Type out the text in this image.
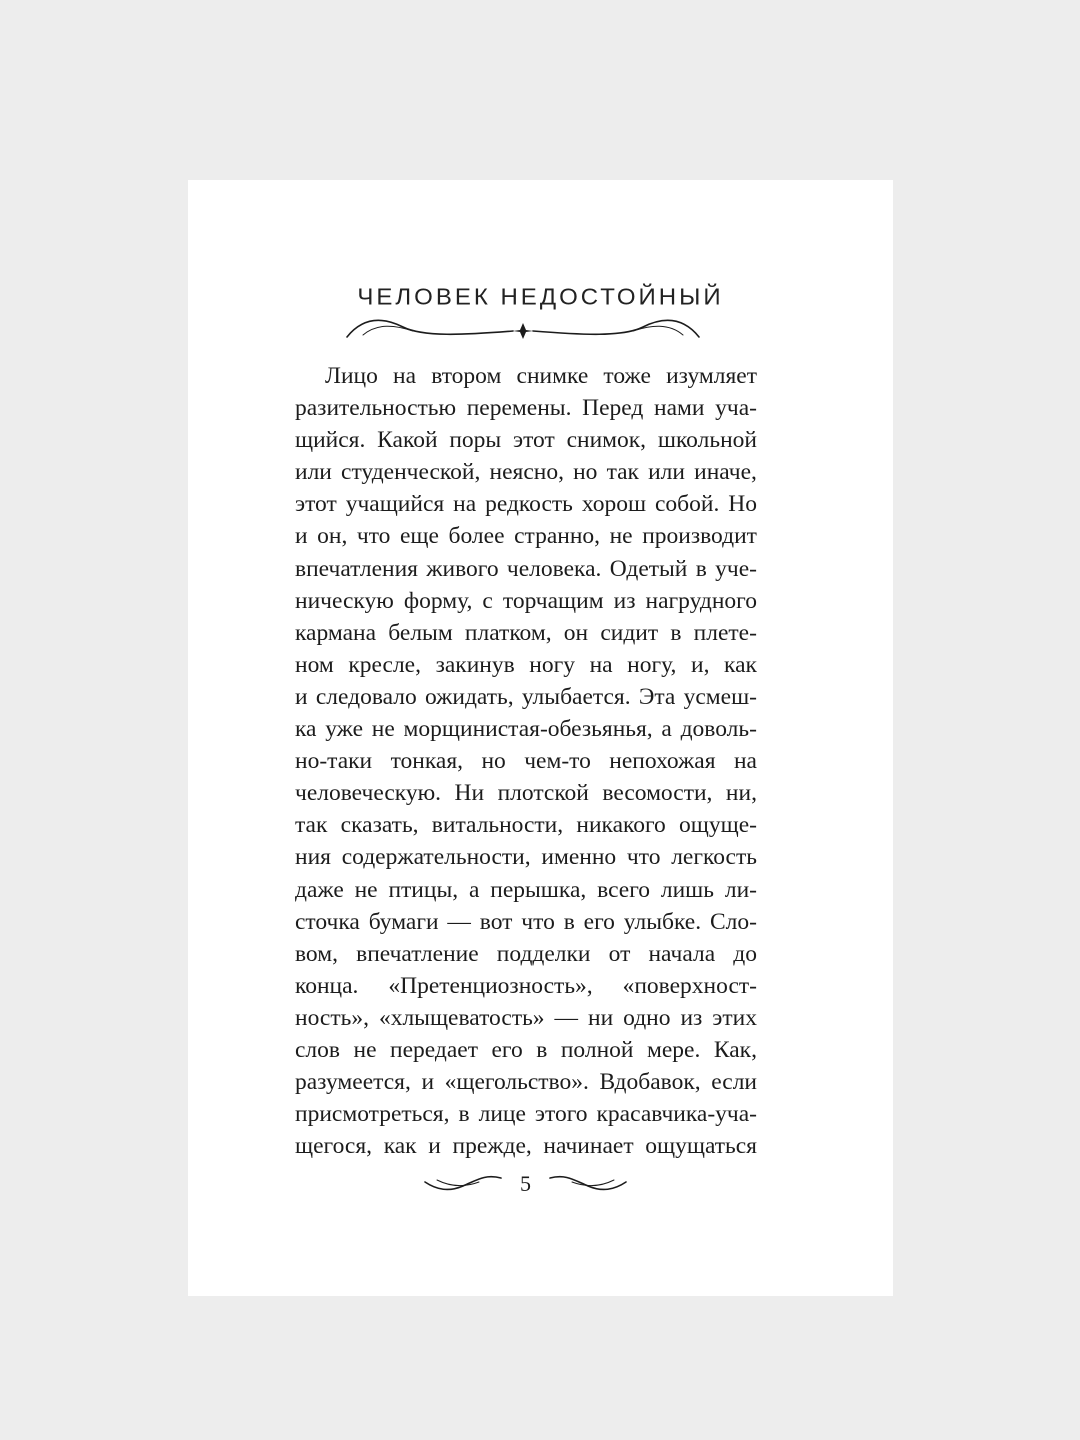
ЧЕЛОВЕК НЕДОСТОЙНЫЙ
Лицо на втором снимке тоже изумляет
разительностью перемены. Перед нами уча-
щийся. Какой поры этот снимок, школьной
или студенческой, неясно, но так или иначе,
этот учащийся на редкость хорош собой. Но
и он, что еще более странно, не производит
впечатления живого человека. Одетый в уче-
ническую форму, с торчащим из нагрудного
кармана белым платком, он сидит в плете-
ном кресле, закинув ногу на ногу, и, как
и следовало ожидать, улыбается. Эта усмеш-
ка уже не морщинистая-обезьянья, а доволь-
но-таки тонкая, но чем-то непохожая на
человеческую. Ни плотской весомости, ни,
так сказать, витальности, никакого ощуще-
ния содержательности, именно что легкость
даже не птицы, а перышка, всего лишь ли-
сточка бумаги — вот что в его улыбке. Сло-
вом, впечатление подделки от начала до
конца. «Претенциозность», «поверхност-
ность», «хлыщеватость» — ни одно из этих
слов не передает его в полной мере. Как,
разумеется, и «щегольство». Вдобавок, если
присмотреться, в лице этого красавчика-уча-
щегося, как и прежде, начинает ощущаться
5
